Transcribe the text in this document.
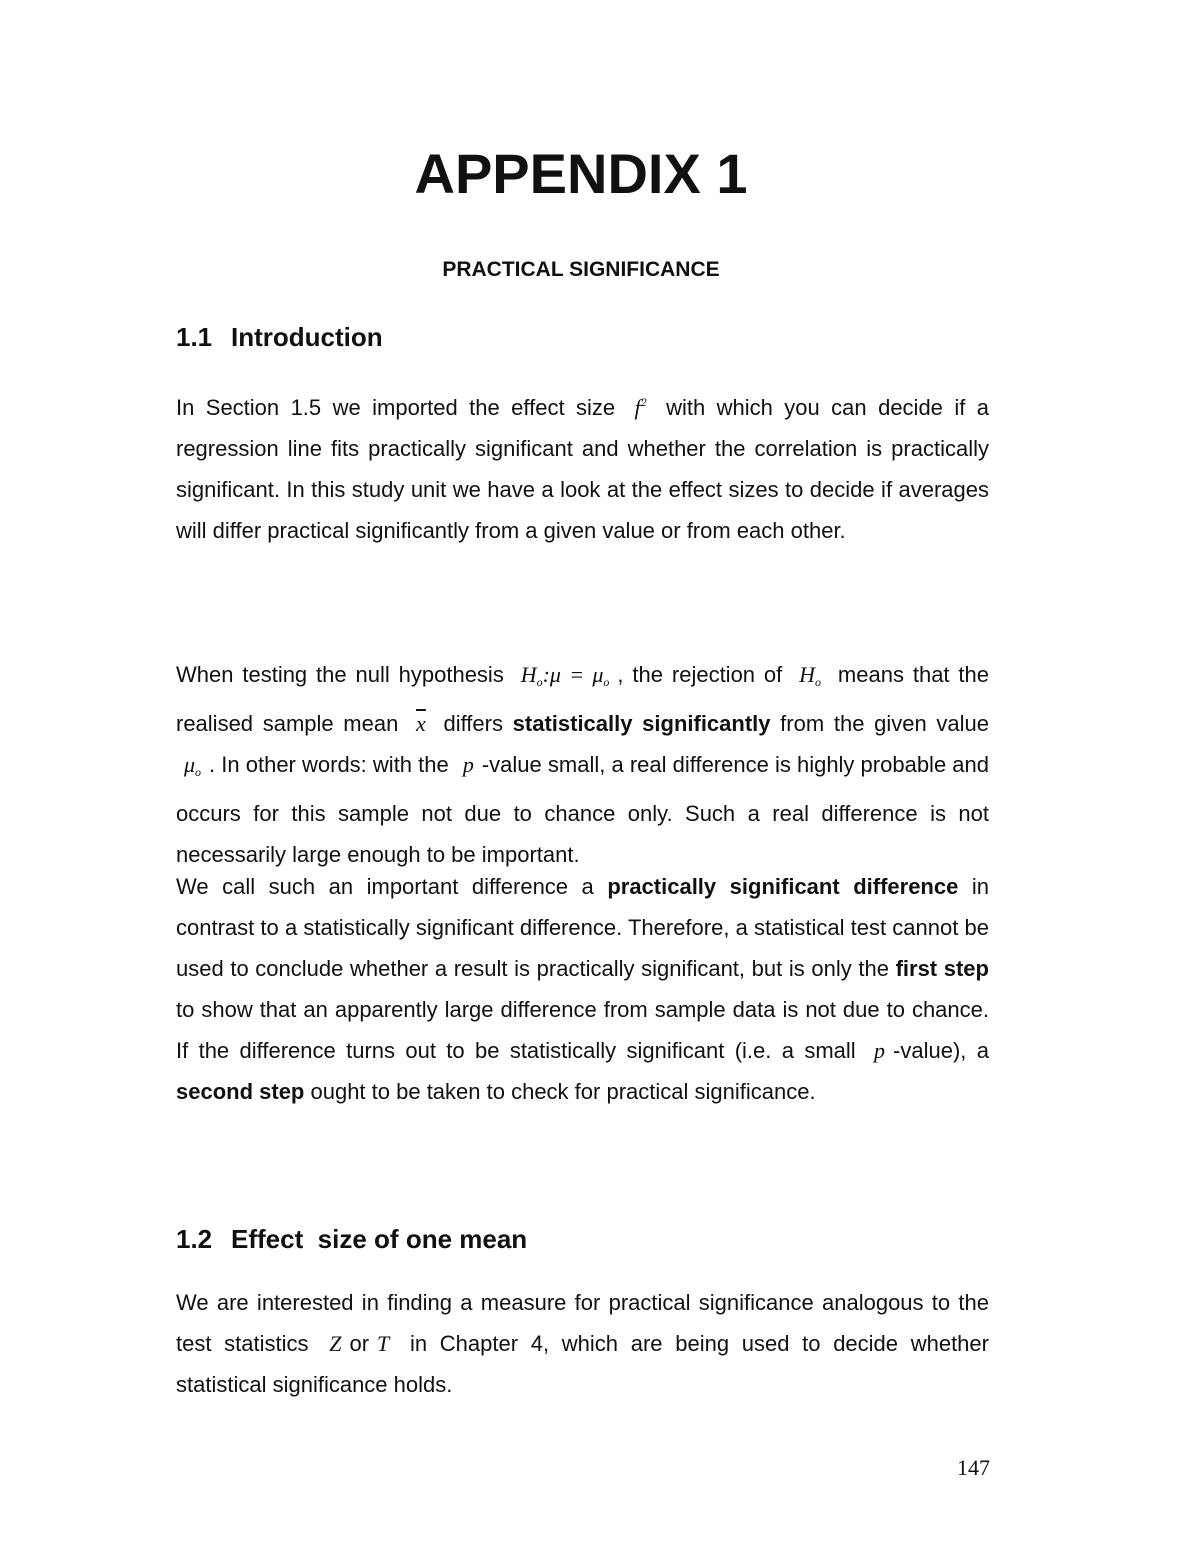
APPENDIX 1
PRACTICAL SIGNIFICANCE
1.1 Introduction

In Section 1.5 we imported the effect size $f^2$ with which you can decide if a regression line fits practically significant and whether the correlation is practically significant. In this study unit we have a look at the effect sizes to decide if averages will differ practical significantly from a given value or from each other.

When testing the null hypothesis $H_o:\mu = \mu_o$ , the rejection of $H_o$ means that the realised sample mean $\overline{x}$ differs statistically significantly from the given value $\mu_o$ . In other words: with the p -value small, a real difference is highly probable and occurs for this sample not due to chance only. Such a real difference is not necessarily large enough to be important.

We call such an important difference a practically significant difference in contrast to a statistically significant difference. Therefore, a statistical test cannot be used to conclude whether a result is practically significant, but is only the first step to show that an apparently large difference from sample data is not due to chance. If the difference turns out to be statistically significant (i.e. a small p -value), a second step ought to be taken to check for practical significance.

1.2 Effect  size of one mean

We are interested in finding a measure for practical significance analogous to the test statistics Z or T in Chapter 4, which are being used to decide whether statistical significance holds.

147
